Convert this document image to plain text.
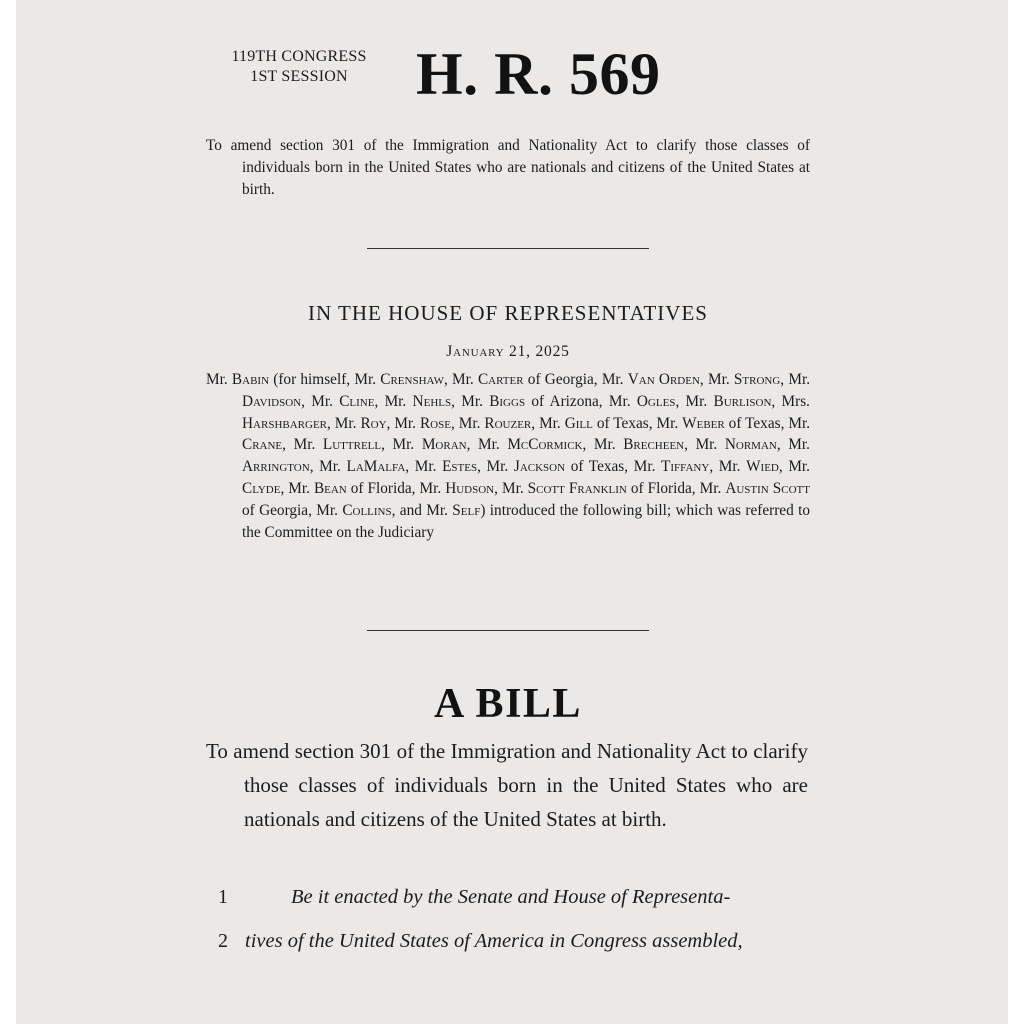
119TH CONGRESS
1ST SESSION	H. R. 569
To amend section 301 of the Immigration and Nationality Act to clarify those classes of individuals born in the United States who are nationals and citizens of the United States at birth.
IN THE HOUSE OF REPRESENTATIVES
January 21, 2025
Mr. Babin (for himself, Mr. Crenshaw, Mr. Carter of Georgia, Mr. Van Orden, Mr. Strong, Mr. Davidson, Mr. Cline, Mr. Nehls, Mr. Biggs of Arizona, Mr. Ogles, Mr. Burlison, Mrs. Harshbarger, Mr. Roy, Mr. Rose, Mr. Rouzer, Mr. Gill of Texas, Mr. Weber of Texas, Mr. Crane, Mr. Luttrell, Mr. Moran, Mr. McCormick, Mr. Brecheen, Mr. Norman, Mr. Arrington, Mr. LaMalfa, Mr. Estes, Mr. Jackson of Texas, Mr. Tiffany, Mr. Wied, Mr. Clyde, Mr. Bean of Florida, Mr. Hudson, Mr. Scott Franklin of Florida, Mr. Austin Scott of Georgia, Mr. Collins, and Mr. Self) introduced the following bill; which was referred to the Committee on the Judiciary
A BILL
To amend section 301 of the Immigration and Nationality Act to clarify those classes of individuals born in the United States who are nationals and citizens of the United States at birth.
1	Be it enacted by the Senate and House of Representa-
2 tives of the United States of America in Congress assembled,
